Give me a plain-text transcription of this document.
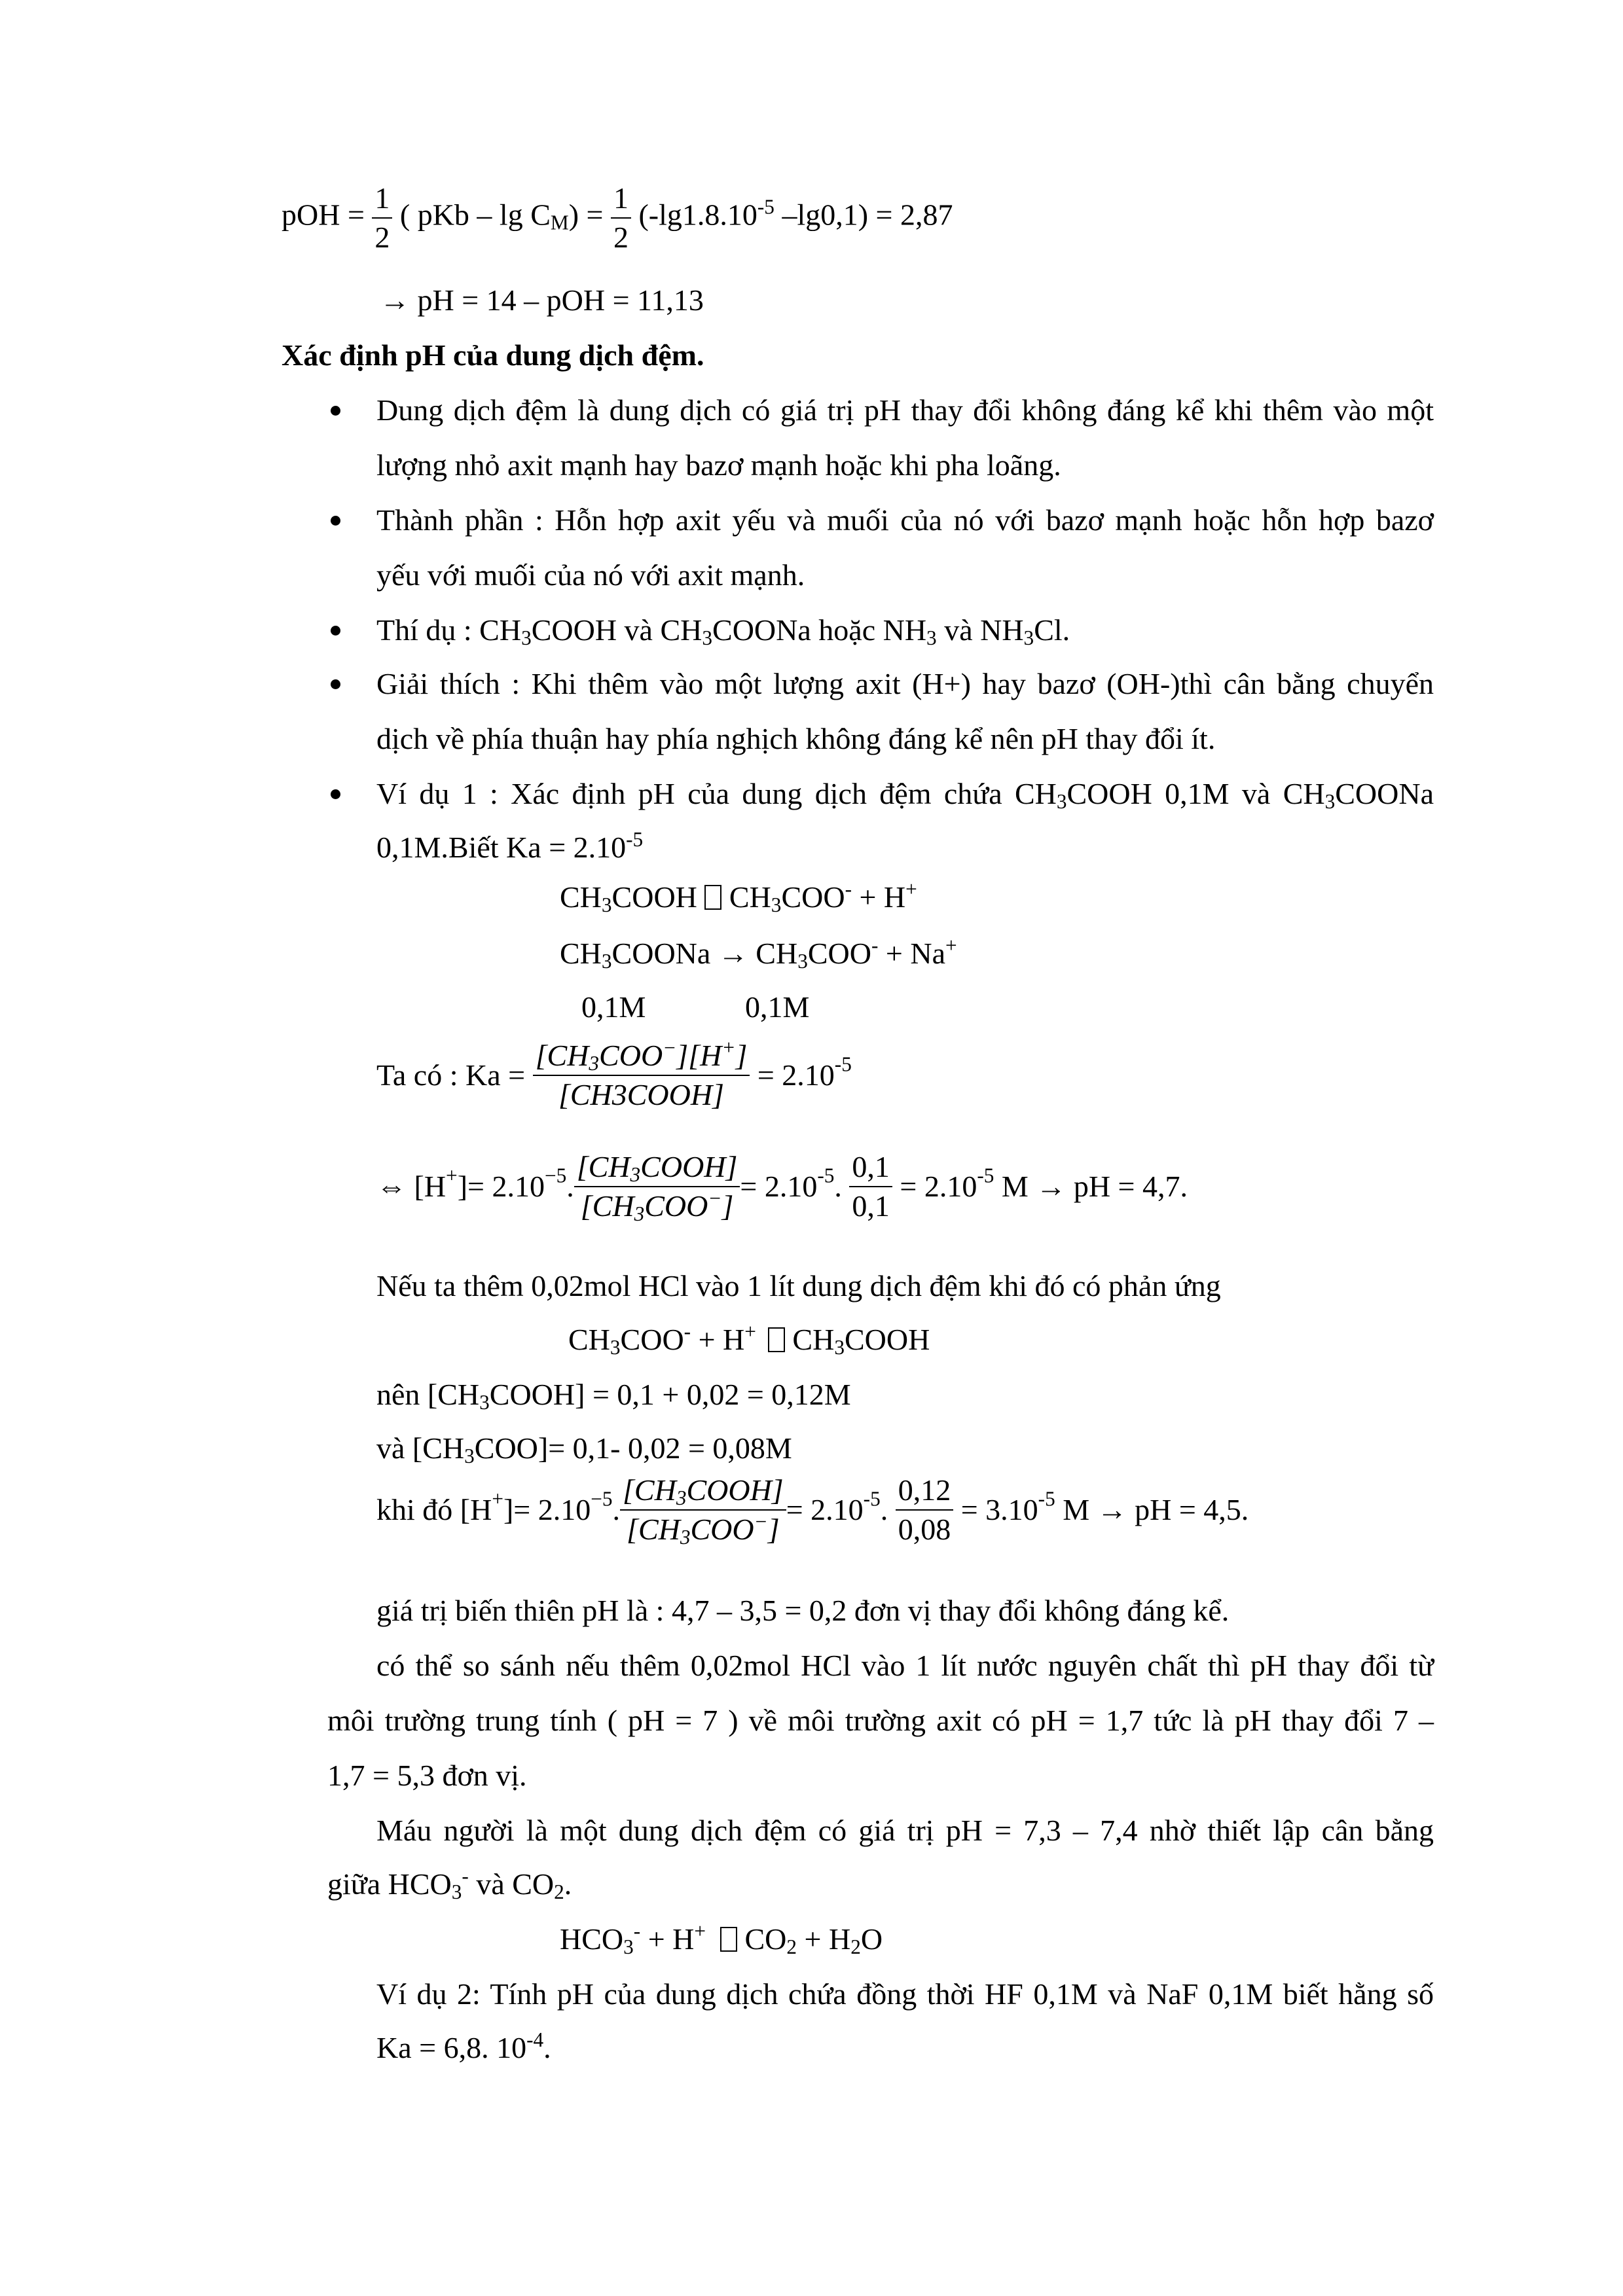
pOH = $\frac{1}{2}$ ( pKb – $\lg C_M) = \frac{1}{2} (-\lg 1.8.10^{-5}$ –lg0,1) = 2,87
→ pH = 14 – pOH = 11,13
Xác định pH của dung dịch đệm.
Dung dịch đệm là dung dịch có giá trị pH thay đổi không đáng kể khi thêm vào một
lượng nhỏ axit mạnh hay bazơ mạnh hoặc khi pha loãng.
Thành phần : Hỗn hợp axit yếu và muối của nó với bazơ mạnh hoặc hỗn hợp bazơ
yếu với muối của nó với axit mạnh.
Thí dụ : $CH_3COOH$ và $CH_3COONa$ hoặc $NH_3$ và $NH_3Cl$.
Giải thích : Khi thêm vào một lượng axit (H+) hay bazơ (OH-)thì cân bằng chuyển
dịch về phía thuận hay phía nghịch không đáng kể nên pH thay đổi ít.
Ví dụ 1 : Xác định pH của dung dịch đệm chứa $CH_3COOH$ 0,1M và $CH_3COONa$
0,1M.Biết $Ka = 2.10^{-5}$
$CH_3COOH$  $CH_3COO^- + H^+$
$CH_3COONa \to CH_3COO^- + Na^+$
0,1M	0,1M
Ta có : Ka =
$[CH_3COO^-][H^+]$
[CH3COOH]
= $2.10^{-5}$
⇔ $[H^+]= 2.10^{-5}$.
$[CH_3COOH]$
$[CH_3COO^-]$
= $2.10^{-5}$. $\frac{0,1}{0,1} = 2.10^{-5}$ M → pH = 4,7.
Nếu ta thêm 0,02mol HCl vào 1 lít dung dịch đệm khi đó có phản ứng
$CH_3COO^- + H^+$ $CH_3COOH$
nên $[CH_3COOH] = 0,1 + 0,02 = 0,12M$
và $[CH_3COO]= 0,1-$ 0,02 = 0,08M
khi đó $[H^+]= 2.10^{-5}$.
$[CH_3COOH]$
$[CH_3COO^-]$
= $2.10^{-5}$. $\frac{0,12}{0,08} = 3.10^{-5}$ M → pH = 4,5.
giá trị biến thiên pH là : 4,7 – 3,5 = 0,2 đơn vị thay đổi không đáng kể.
có thể so sánh nếu thêm 0,02mol HCl vào 1 lít nước nguyên chất thì pH thay đổi từ
môi trường trung tính ( pH = 7 ) về môi trường axit có pH = 1,7 tức là pH thay đổi 7 –
1,7 = 5,3 đơn vị.
Máu người là một dung dịch đệm có giá trị pH = 7,3 – 7,4 nhờ thiết lập cân bằng
giữa $HCO_3^-$ và $CO_2$.
$HCO_3^- + H^+$ $CO_2 + H_2O$
Ví dụ 2: Tính pH của dung dịch chứa đồng thời HF 0,1M và NaF 0,1M biết hằng số
Ka = 6,8. $10^{-4}$.
